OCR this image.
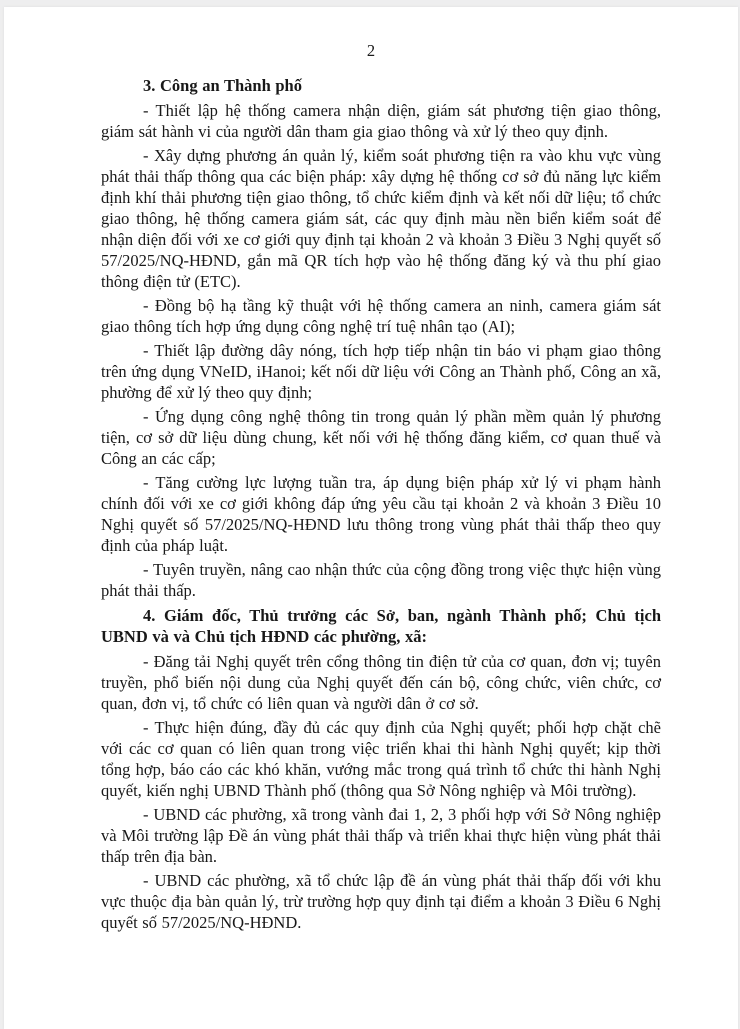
2

3. Công an Thành phố

- Thiết lập hệ thống camera nhận diện, giám sát phương tiện giao thông, giám sát hành vi của người dân tham gia giao thông và xử lý theo quy định.

- Xây dựng phương án quản lý, kiểm soát phương tiện ra vào khu vực vùng phát thải thấp thông qua các biện pháp: xây dựng hệ thống cơ sở đủ năng lực kiểm định khí thải phương tiện giao thông, tổ chức kiểm định và kết nối dữ liệu; tổ chức giao thông, hệ thống camera giám sát, các quy định màu nền biển kiểm soát để nhận diện đối với xe cơ giới quy định tại khoản 2 và khoản 3 Điều 3 Nghị quyết số 57/2025/NQ-HĐND, gắn mã QR tích hợp vào hệ thống đăng ký và thu phí giao thông điện tử (ETC).

- Đồng bộ hạ tầng kỹ thuật với hệ thống camera an ninh, camera giám sát giao thông tích hợp ứng dụng công nghệ trí tuệ nhân tạo (AI);

- Thiết lập đường dây nóng, tích hợp tiếp nhận tin báo vi phạm giao thông trên ứng dụng VNeID, iHanoi; kết nối dữ liệu với Công an Thành phố, Công an xã, phường để xử lý theo quy định;

- Ứng dụng công nghệ thông tin trong quản lý phần mềm quản lý phương tiện, cơ sở dữ liệu dùng chung, kết nối với hệ thống đăng kiểm, cơ quan thuế và Công an các cấp;

- Tăng cường lực lượng tuần tra, áp dụng biện pháp xử lý vi phạm hành chính đối với xe cơ giới không đáp ứng yêu cầu tại khoản 2 và khoản 3 Điều 10 Nghị quyết số 57/2025/NQ-HĐND lưu thông trong vùng phát thải thấp theo quy định của pháp luật.

- Tuyên truyền, nâng cao nhận thức của cộng đồng trong việc thực hiện vùng phát thải thấp.

4. Giám đốc, Thủ trưởng các Sở, ban, ngành Thành phố; Chủ tịch UBND và và Chủ tịch HĐND các phường, xã:

- Đăng tải Nghị quyết trên cổng thông tin điện tử của cơ quan, đơn vị; tuyên truyền, phổ biến nội dung của Nghị quyết đến cán bộ, công chức, viên chức, cơ quan, đơn vị, tổ chức có liên quan và người dân ở cơ sở.

- Thực hiện đúng, đầy đủ các quy định của Nghị quyết; phối hợp chặt chẽ với các cơ quan có liên quan trong việc triển khai thi hành Nghị quyết; kịp thời tổng hợp, báo cáo các khó khăn, vướng mắc trong quá trình tổ chức thi hành Nghị quyết, kiến nghị UBND Thành phố (thông qua Sở Nông nghiệp và Môi trường).

- UBND các phường, xã trong vành đai 1, 2, 3 phối hợp với Sở Nông nghiệp và Môi trường lập Đề án vùng phát thải thấp và triển khai thực hiện vùng phát thải thấp trên địa bàn.

- UBND các phường, xã tổ chức lập đề án vùng phát thải thấp đối với khu vực thuộc địa bàn quản lý, trừ trường hợp quy định tại điểm a khoản 3 Điều 6 Nghị quyết số 57/2025/NQ-HĐND.
